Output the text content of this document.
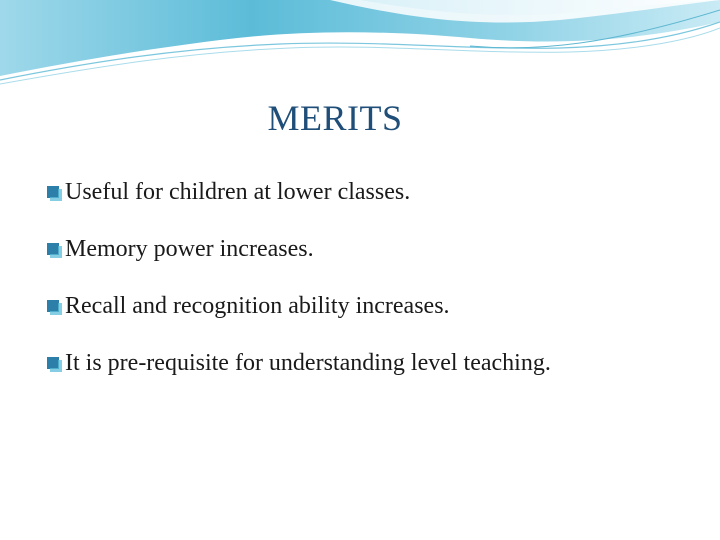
MERITS
Useful for children at lower classes.
Memory power increases.
Recall and recognition ability increases.
It is pre-requisite for understanding level teaching.
